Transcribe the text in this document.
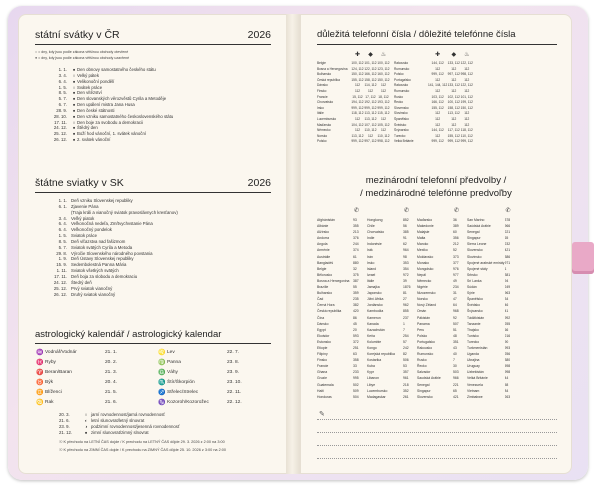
státní svátky v ČR	2026
○ = dny, kdy jsou podle zákona většinou obchody otevřené
● = dny, kdy jsou podle zákona většinou obchody uzavřené
1. 1.	● Den obnovy samostatného českého státu
3. 4.	○ Velký pátek
6. 4.	● Velikonoční pondělí
1. 5.	○ Svátek práce
8. 5.	● Den vítězství
5. 7.	● Den slovanských věrozvěstů Cyrila a Metoděje
6. 7.	● Den upálení mistra Jana Husa
28. 9.	● Den české státnosti
28. 10.	● Den vzniku samostatného československého státu
17. 11.	○ Den boje za svobodu a demokracii
24. 12.	● Štědrý den
25. 12.	● Boží hod vánoční, 1. svátek vánoční
26. 12.	● 2. svátek vánoční
štátne sviatky v SK	2026
1. 1. Deň vzniku Slovenskej republiky
6. 1. Zjavenie Pána
(Traja králi a vianočný sviatok pravoslávnych kresťanov)
3. 4. Veľký piatok
6. 4. Veľkonočná nedeľa, Zmŕtvychvstanie Pána
6. 4. Veľkonočný pondelok
1. 5. Sviatok práce
8. 5. Deň víťazstva nad fašizmom
5. 7. Sviatok svätých Cyrila a Metoda
29. 8. Výročie Slovenského národného povstania
1. 9. Deň Ústavy Slovenskej republiky
15. 9. Sedembolestná Panna Mária
1. 11. Sviatok všetkých svätých
17. 11. Deň boja za slobodu a demokraciu
24. 12. Štedrý deň
25. 12. Prvý sviatok vianočný
26. 12. Druhý sviatok vianočný
astrologický kalendář / astrologický kalendar
♒ Vodnář/Vodnár	21. 1.
♓ Ryby	20. 2.
♈ Beran/Baran	21. 3.
♉ Býk	20. 4.
♊ Blíženci	21. 5.
♋ Rak	21. 6.
♌ Lev	22. 7.
♍ Panna	23. 8.
♎ Váhy	23. 9.
♏ Štír/Škorpión	23. 10.
♐ Střelec/Strelec	22. 11.
♑ Kozoroh/Kozorožec	22. 12.
20. 3.	○ jarní rovnodennost/jarná rovnodennosť
21. 6.	◐ letní slunovrat/letný slnovrat
23. 9.	◑ podzimní rovnodennost/jesenná rovnodennosť
21. 12.	● zimní slunovrat/zimný slnovrat
☉ K přechodu na LETNÍ ČAS dojde / K prechodu na LETNÝ ČAS dôjde 29. 3. 2026 z 2:00 na 3:00
☉ K přechodu na ZIMNÍ ČAS dojde / K prechodu na ZIMNÝ ČAS dôjde 25. 10. 2026 z 3:00 na 2:00
důležitá telefonní čísla / dôležité telefónne čísla
	✚	◆	♨			✚	◆	♨
Belgie	100, 112	101, 112	100, 112		Rakousko	144, 112	133, 112	122, 112
Bosna a Hercegovina	124, 112	122, 112	123, 112		Rumunsko	112	112	112
Bulharsko	150, 112	166, 112	160, 112		Polsko	999, 112	997, 112	998, 112
Česká republika	155, 112	158, 112	150, 112		Portugalsko	112	112	112
Dánsko	112	114, 112	112		Rakousko	141, 144, 112	133, 112	122, 112
Finsko	112	112	112		Rumunsko	112	112	112
Francie	15, 112	17, 112	18, 112		Rusko	103, 112	102, 112	101, 112
Chorvatsko	194, 112	192, 112	193, 112		Řecko	166, 112	100, 112	199, 112
Irsko	999, 112	999, 112	999, 112		Slovensko	155, 112	158, 112	150, 112
Itálie	118, 112	113, 112	115, 112		Slovinsko	112	113, 112	112
Lucembursko	112	113, 112	112		Španělsko	112	112	112
Maďarsko	104, 112	107, 112	105, 112		Švédsko	112	112	112
Německo	112	110, 112	112		Švýcarsko	144, 112	117, 112	118, 112
Norsko	113, 112	112	110, 112		Turecko	112	155, 112	110, 112
Polsko	999, 112	997, 112	998, 112		Velká Británie	999, 112	999, 112	999, 112
mezinárodní telefonní předvolby /
/ medzinárodné telefónne predvoľby
	✆		✆		✆		✆
Afghánistán	93	Hongkong	852	Maďarsko	36	San Marino	378
Albánie	355	Chile	56	Makedonie	389	Saúdská Arábie	966
Alžírsko	213	Chorvatsko	385	Malajsie	60	Senegal	221
Andorra	376	Indie	91	Malta	356	Singapur	65
Angola	244	Indonésie	62	Maroko	212	Sierra Leone	232
Arménie	374	Irák	964	Mexiko	52	Slovensko	421
Austrálie	61	Irán	98	Moldavsko	373	Slovinsko	386
Bangladéš	880	Irsko	353	Monako	377	Spojené arabské emiráty	971
Belgie	32	Island	354	Mongolsko	976	Spojené státy	1
Bělorusko	375	Izrael	972	Nepál	977	Srbsko	381
Bosna a Hercegovina	387	Itálie	39	Německo	49	Srí Lanka	94
Brazílie	55	Jamajka	1876	Nigérie	234	Súdán	249
Bulharsko	359	Japonsko	81	Nizozemsko	31	Sýrie	963
Čad	235	Jižní Afrika	27	Norsko	47	Španělsko	34
Černá Hora	382	Jordánsko	962	Nový Zéland	64	Švédsko	46
Česká republika	420	Kambodža	855	Omán	968	Švýcarsko	41
Čína	86	Kamerun	237	Pákistán	92	Tádžikistán	992
Dánsko	45	Kanada	1	Panama	507	Tanzanie	255
Egypt	20	Kazachstán	7	Peru	51	Thajsko	66
Ekvádor	593	Keňa	254	Polsko	48	Tunisko	216
Estonsko	372	Kolumbie	57	Portugalsko	351	Turecko	90
Etiopie	251	Kongo	242	Rakousko	43	Turkmenistán	993
Filipíny	63	Korejská republika	82	Rumunsko	40	Uganda	256
Finsko	358	Kostarika	506	Rusko	7	Ukrajina	380
Francie	33	Kuba	53	Řecko	30	Uruguay	598
Ghana	233	Kypr	357	Salvador	503	Uzbekistán	998
Gruzie	995	Libanon	961	Saudská Arábie	966	Velká Británie	44
Guatemala	502	Libye	218	Senegal	221	Venezuela	58
Haiti	509	Lucembursko	352	Singapur	65	Vietnam	84
Honduras	504	Madagaskar	261	Slovensko	421	Zimbabwe	263
✎
